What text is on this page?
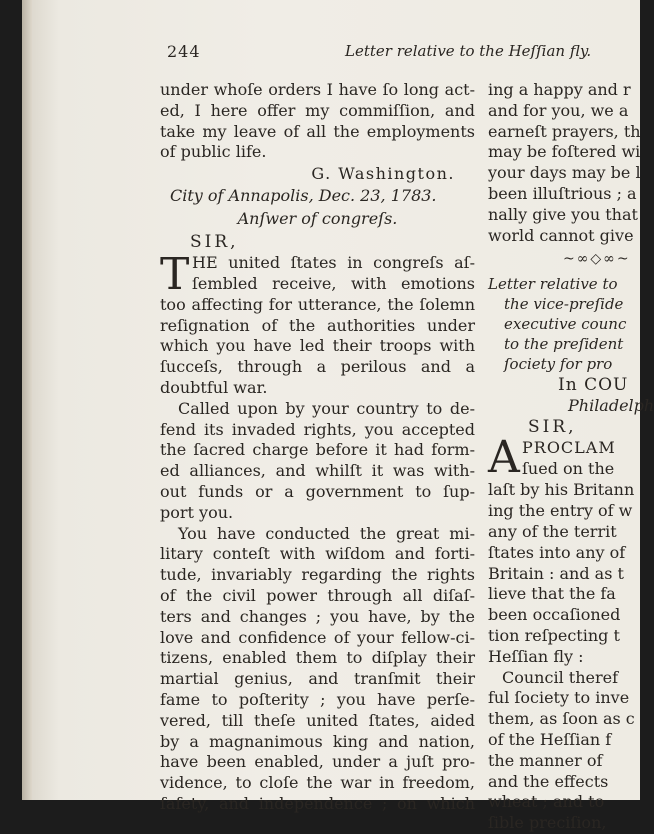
244	Letter relative to the Heſſian fly.
under whoſe orders I have ſo long act-
ed, I here offer my commiſſion, and
take my leave of all the employments
of public life.
G. Washington.
City of Annapolis, Dec. 23, 1783.
Anſwer of congreſs.
SIR,
T HE united ſtates in congreſs aſ-
ſembled receive, with emotions
too affecting for utterance, the ſolemn
reſignation of the authorities under
which you have led their troops with
ſucceſs, through a perilous and a
doubtful war.
Called upon by your country to de-
fend its invaded rights, you accepted
the ſacred charge before it had form-
ed alliances, and whilſt it was with-
out funds or a government to ſup-
port you.
You have conducted the great mi-
litary conteſt with wiſdom and forti-
tude, invariably regarding the rights
of the civil power through all diſaſ-
ters and changes ; you have, by the
love and confidence of your fellow-ci-
tizens, enabled them to diſplay their
martial genius, and tranſmit their
fame to poſterity ; you have perſe-
vered, till theſe united ſtates, aided
by a magnanimous king and nation,
have been enabled, under a juſt pro-
vidence, to cloſe the war in freedom,
ſafety, and independence ; on which
ing a happy and r
and for you, we a
earneſt prayers, th
may be foſtered wi
your days may be l
been illuſtrious ; a
nally give you that
world cannot give
~∞◇∞~
Letter relative to
the vice-preſide
executive counc
to the preſident
ſociety for pro
In COU
Philadelph
SIR,
A PROCLAM
ſued on the
laſt by his Britann
ing the entry of w
any of the territ
ſtates into any of
Britain : and as t
lieve that the fa
been occaſioned
tion reſpecting t
Heſſian fly :
Council theref
ful ſociety to inve
them, as ſoon as c
of the Heſſian f
the manner of
and the effects
wheat ; and to
ſible preciſion,
